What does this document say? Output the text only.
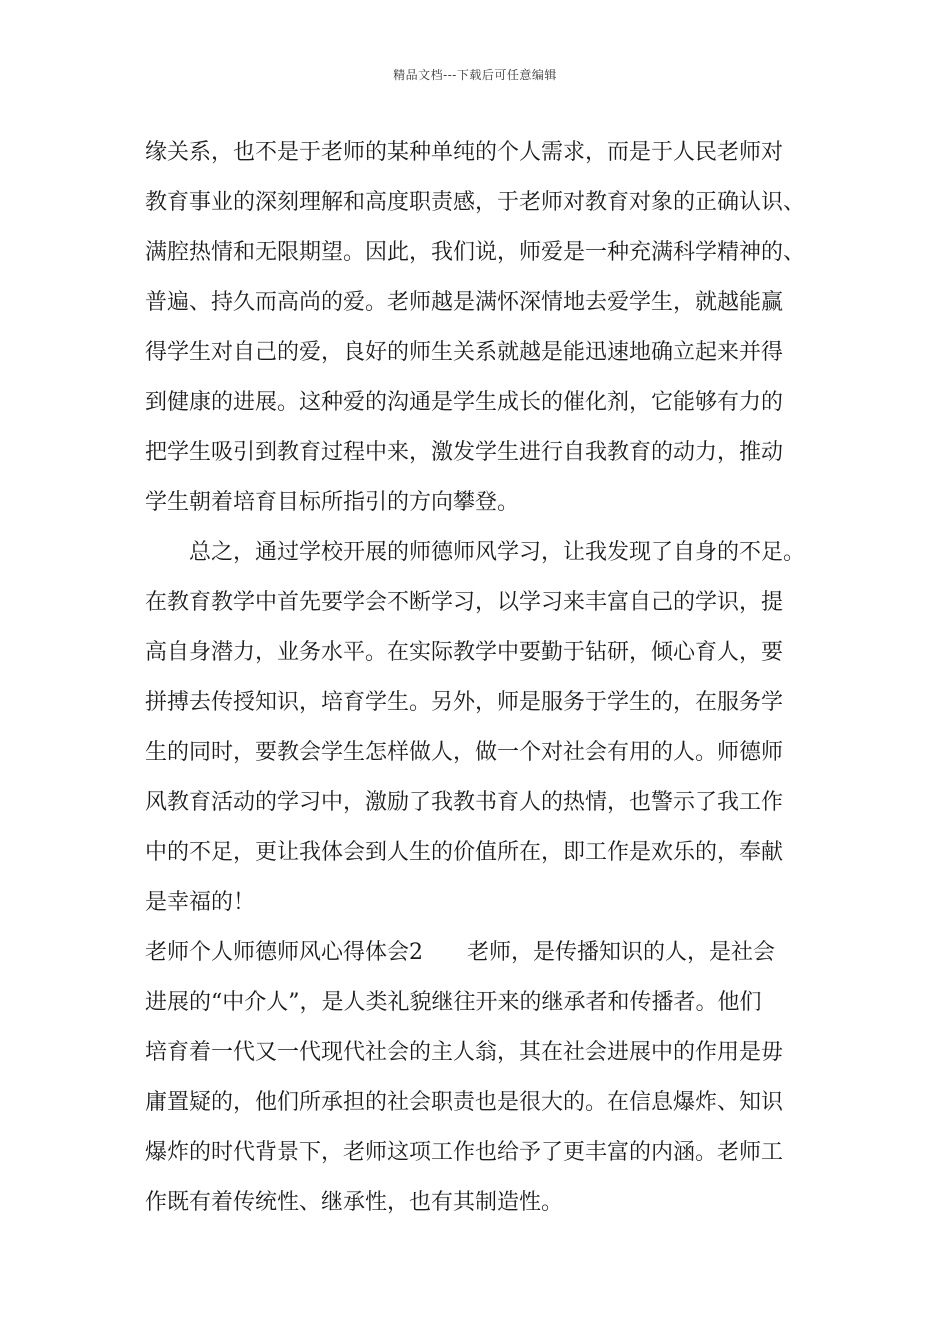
精品文档---下载后可任意编辑
缘关系，也不是于老师的某种单纯的个人需求，而是于人民老师对
教育事业的深刻理解和高度职责感，于老师对教育对象的正确认识、
满腔热情和无限期望。因此，我们说，师爱是一种充满科学精神的、
普遍、持久而高尚的爱。老师越是满怀深情地去爱学生，就越能赢
得学生对自己的爱，良好的师生关系就越是能迅速地确立起来并得
到健康的进展。这种爱的沟通是学生成长的催化剂，它能够有力的
把学生吸引到教育过程中来，激发学生进行自我教育的动力，推动
学生朝着培育目标所指引的方向攀登。
总之，通过学校开展的师德师风学习，让我发现了自身的不足。
在教育教学中首先要学会不断学习，以学习来丰富自己的学识，提
高自身潜力，业务水平。在实际教学中要勤于钻研，倾心育人，要
拼搏去传授知识，培育学生。另外，师是服务于学生的，在服务学
生的同时，要教会学生怎样做人，做一个对社会有用的人。师德师
风教育活动的学习中，激励了我教书育人的热情，也警示了我工作
中的不足，更让我体会到人生的价值所在，即工作是欢乐的，奉献
是幸福的！
老师个人师德师风心得体会2　　老师，是传播知识的人，是社会
进展的“中介人”，是人类礼貌继往开来的继承者和传播者。他们
培育着一代又一代现代社会的主人翁，其在社会进展中的作用是毋
庸置疑的，他们所承担的社会职责也是很大的。在信息爆炸、知识
爆炸的时代背景下，老师这项工作也给予了更丰富的内涵。老师工
作既有着传统性、继承性，也有其制造性。
